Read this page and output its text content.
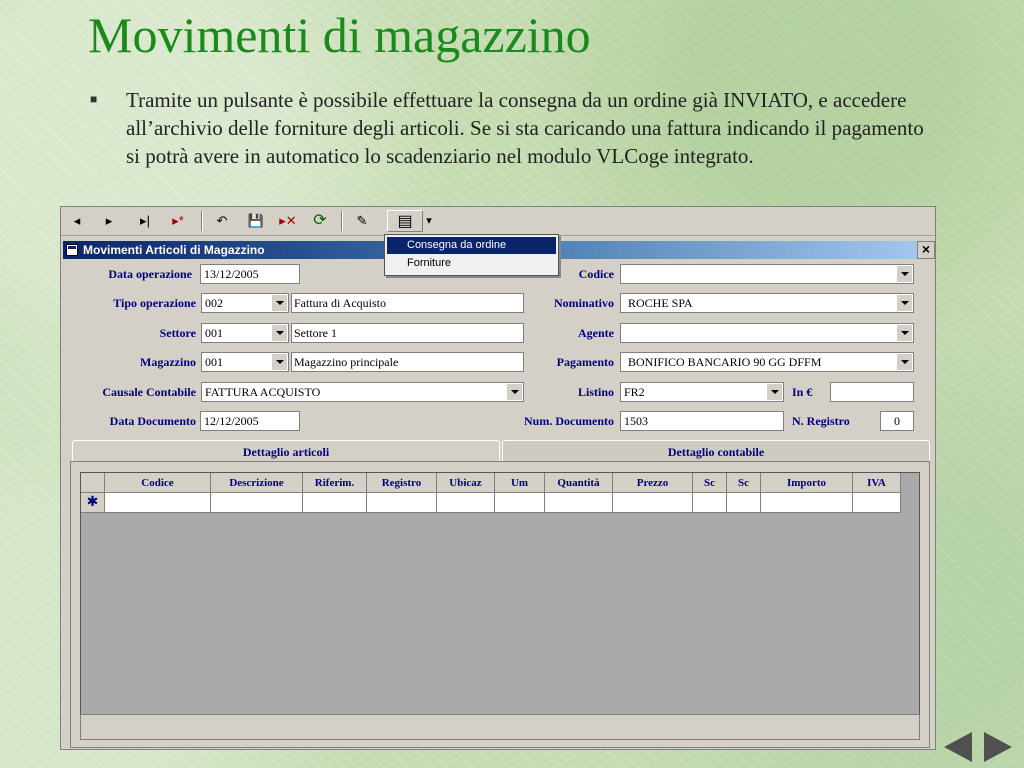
Movimenti di magazzino
■ Tramite un pulsante è possibile effettuare la consegna da un ordine già INVIATO, e accedere all’archivio delle forniture degli articoli. Se si sta caricando una fattura indicando il pagamento si potrà avere in automatico lo scadenziario nel modulo VLCoge integrato.

◂	▸	▸|	▸*	↶	💾	▸✕ ⟳	✎	▤	▾
Movimenti Articoli di Magazzino	×
Consegna da ordine
Forniture
Data operazione	13/12/2005
Tipo operazione 002	Fattura di Acquisto
Settore 001	Settore 1
Magazzino 001	Magazzino principale
Causale Contabile FATTURA ACQUISTO
Data Documento 12/12/2005
Codice
Nominativo	ROCHE SPA
Agente
Pagamento	BONIFICO BANCARIO 90 GG DFFM
Listino FR2	In €
Num. Documento 1503	N. Registro	0
Dettaglio articoli	Dettaglio contabile
Codice	Descrizione	Riferim.	Registro	Ubicaz	Um	Quantità	Prezzo	Sc	Sc	Importo	IVA
✱
